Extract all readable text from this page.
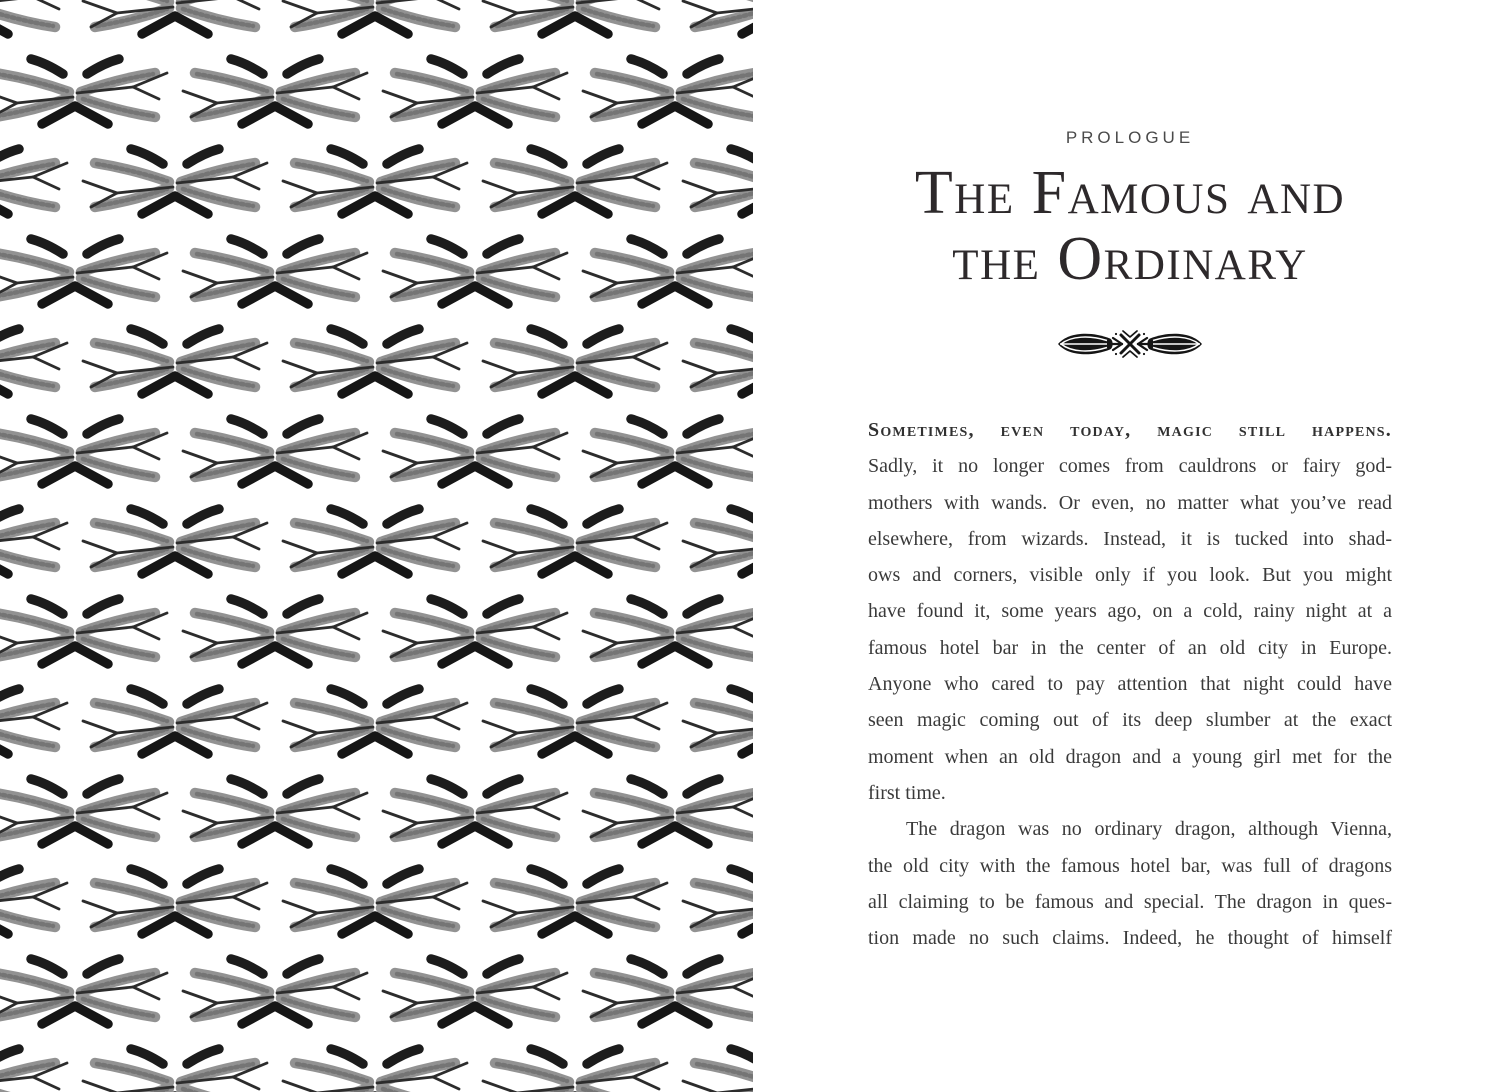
PROLOGUE
The Famous and
the Ordinary

Sometimes, even today, magic still happens.

Sadly, it no longer comes from cauldrons or fairy god-

mothers with wands. Or even, no matter what you’ve read

elsewhere, from wizards. Instead, it is tucked into shad-

ows and corners, visible only if you look. But you might

have found it, some years ago, on a cold, rainy night at a

famous hotel bar in the center of an old city in Europe.

Anyone who cared to pay attention that night could have

seen magic coming out of its deep slumber at the exact

moment when an old dragon and a young girl met for the

first time.

The dragon was no ordinary dragon, although Vienna,

the old city with the famous hotel bar, was full of dragons

all claiming to be famous and special. The dragon in ques-

tion made no such claims. Indeed, he thought of himself
